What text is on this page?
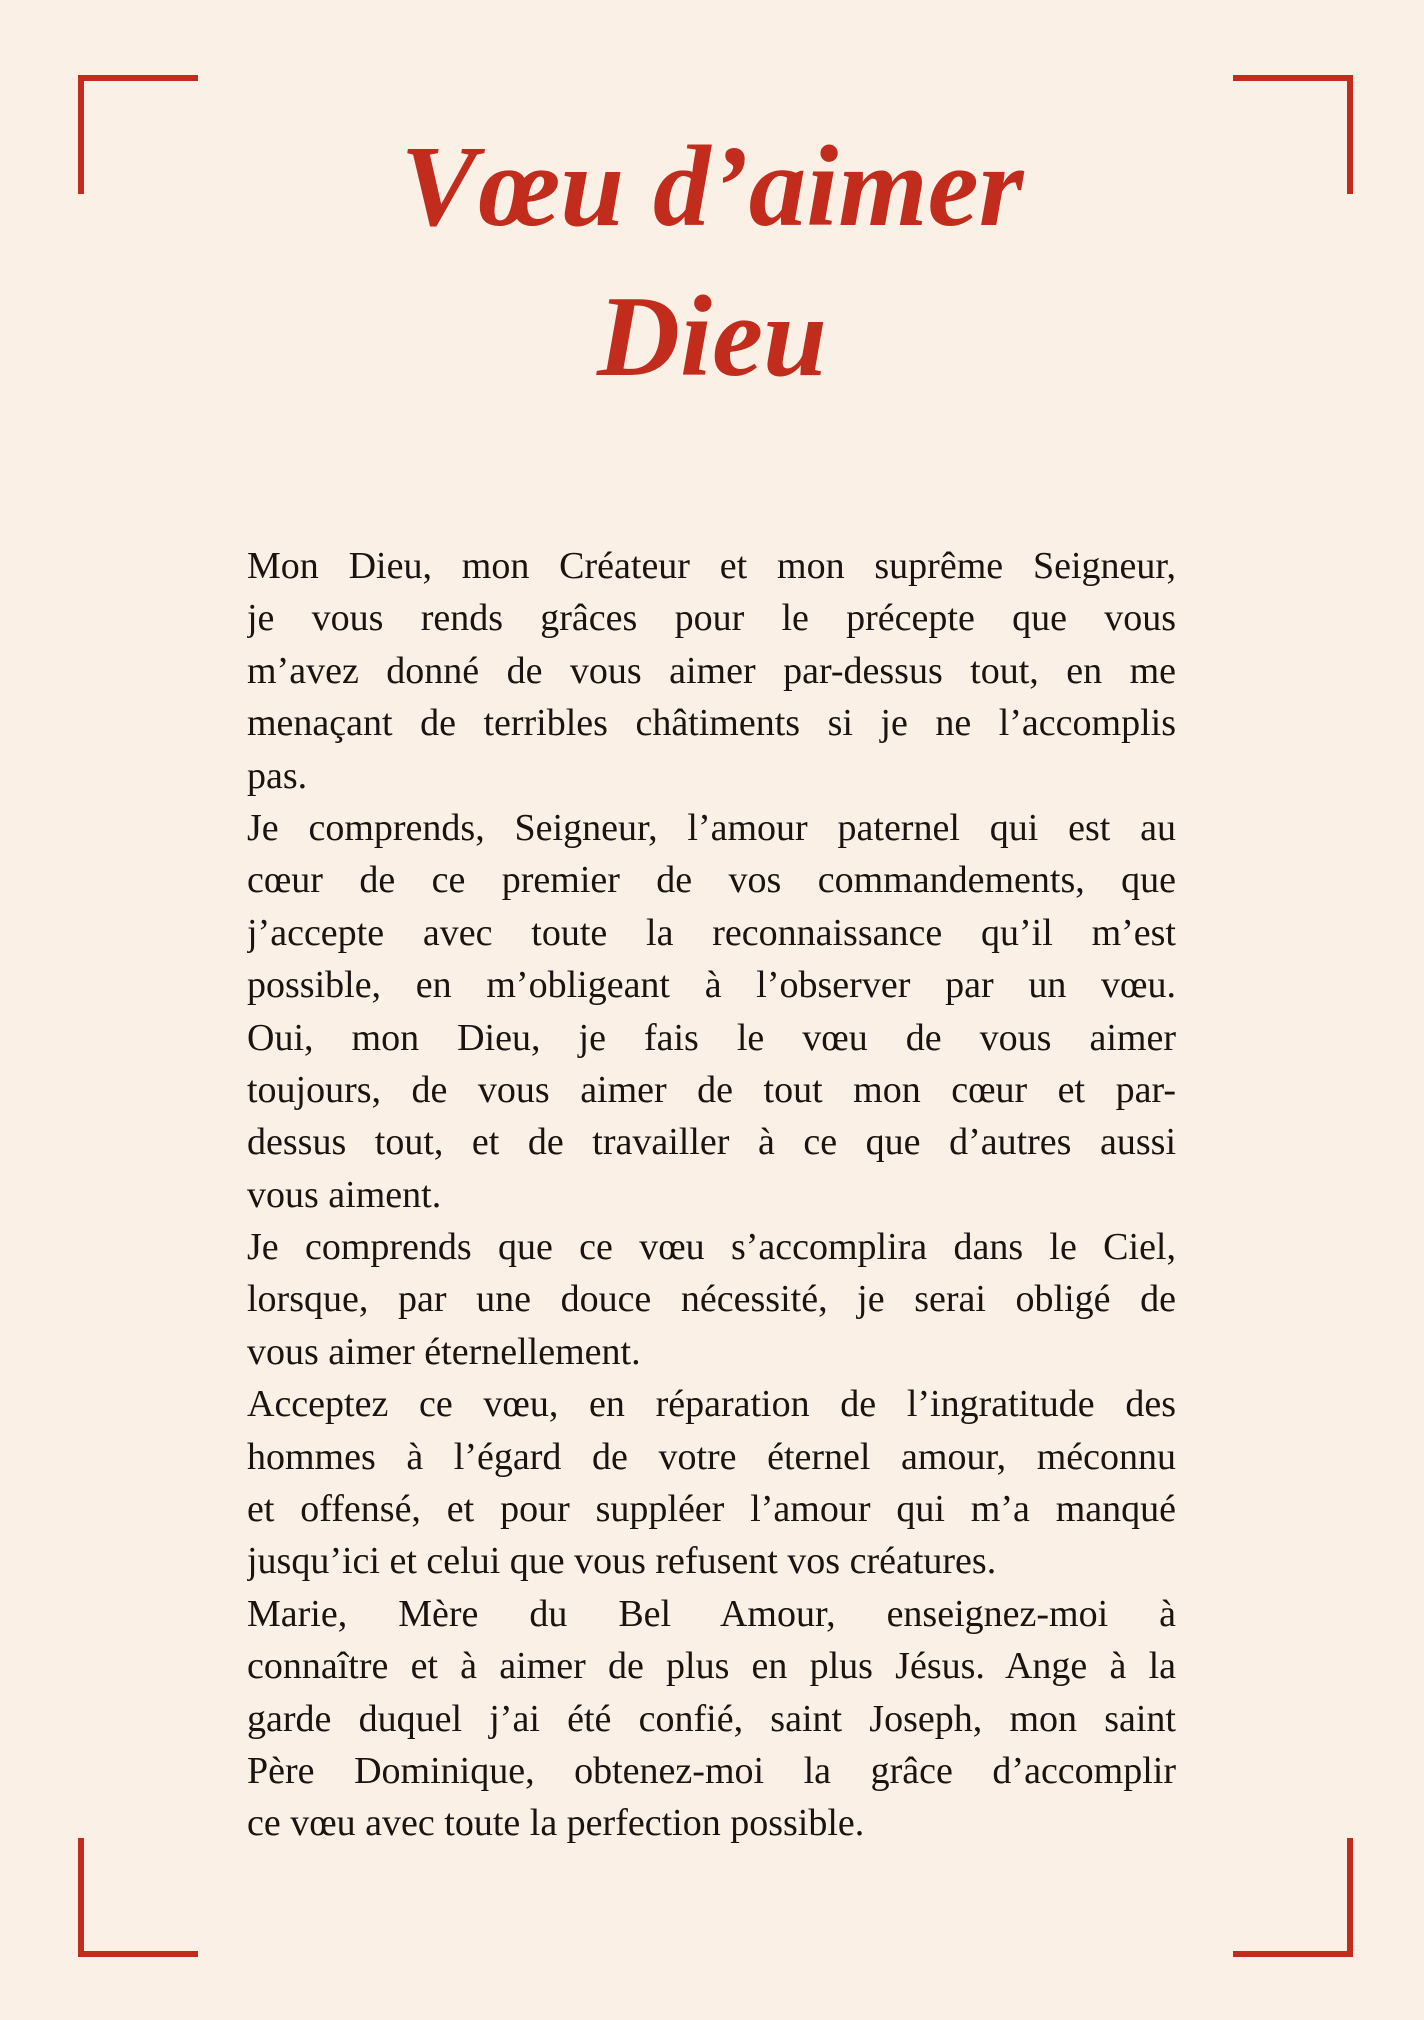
Vœu d’aimer
Dieu
Mon Dieu, mon Créateur et mon suprême Seigneur,
je vous rends grâces pour le précepte que vous
m’avez donné de vous aimer par-dessus tout, en me
menaçant de terribles châtiments si je ne l’accomplis
pas.
Je comprends, Seigneur, l’amour paternel qui est au
cœur de ce premier de vos commandements, que
j’accepte avec toute la reconnaissance qu’il m’est
possible, en m’obligeant à l’observer par un vœu.
Oui, mon Dieu, je fais le vœu de vous aimer
toujours, de vous aimer de tout mon cœur et par-
dessus tout, et de travailler à ce que d’autres aussi
vous aiment.
Je comprends que ce vœu s’accomplira dans le Ciel,
lorsque, par une douce nécessité, je serai obligé de
vous aimer éternellement.
Acceptez ce vœu, en réparation de l’ingratitude des
hommes à l’égard de votre éternel amour, méconnu
et offensé, et pour suppléer l’amour qui m’a manqué
jusqu’ici et celui que vous refusent vos créatures.
Marie, Mère du Bel Amour, enseignez-moi à
connaître et à aimer de plus en plus Jésus. Ange à la
garde duquel j’ai été confié, saint Joseph, mon saint
Père Dominique, obtenez-moi la grâce d’accomplir
ce vœu avec toute la perfection possible.
